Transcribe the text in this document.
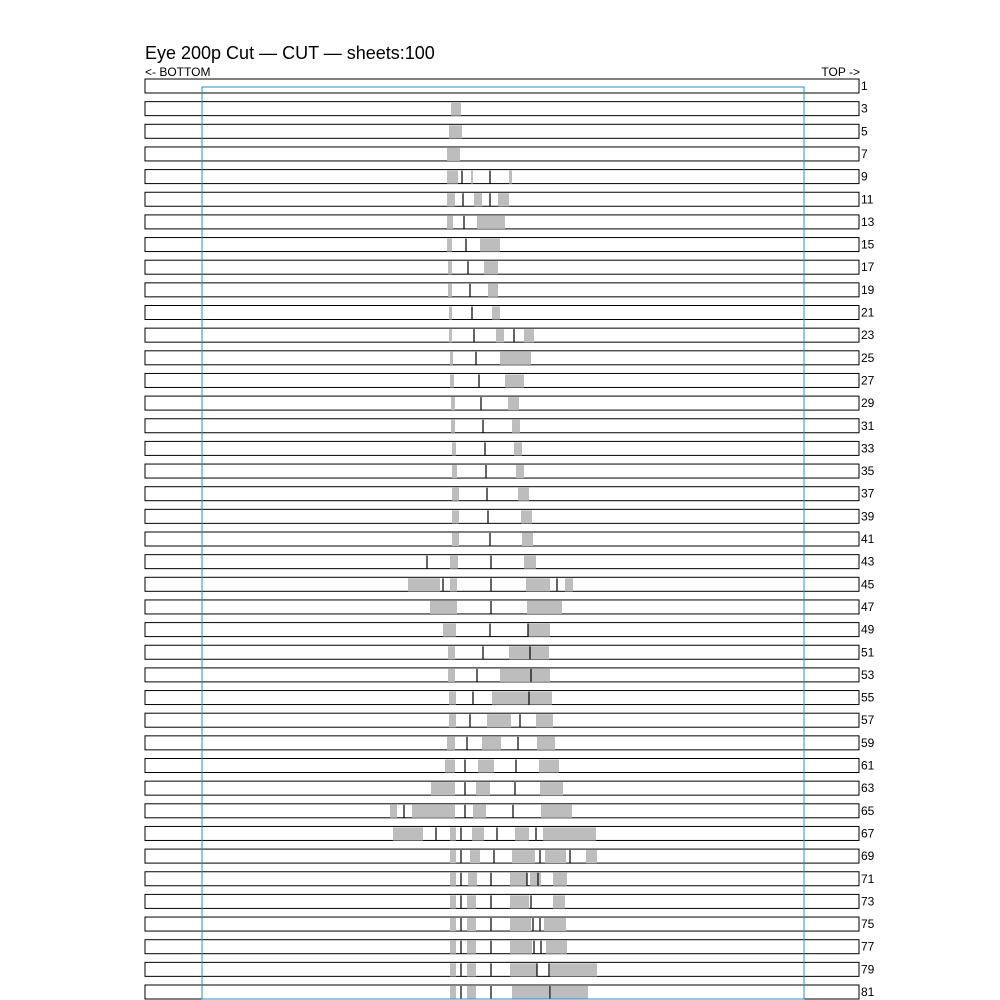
Eye 200p Cut — CUT — sheets:100
<- BOTTOM	TOP ->
1
3
5
7
9
11
13
15
17
19
21
23
25
27
29
31
33
35
37
39
41
43
45
47
49
51
53
55
57
59
61
63
65
67
69
71
73
75
77
79
81
